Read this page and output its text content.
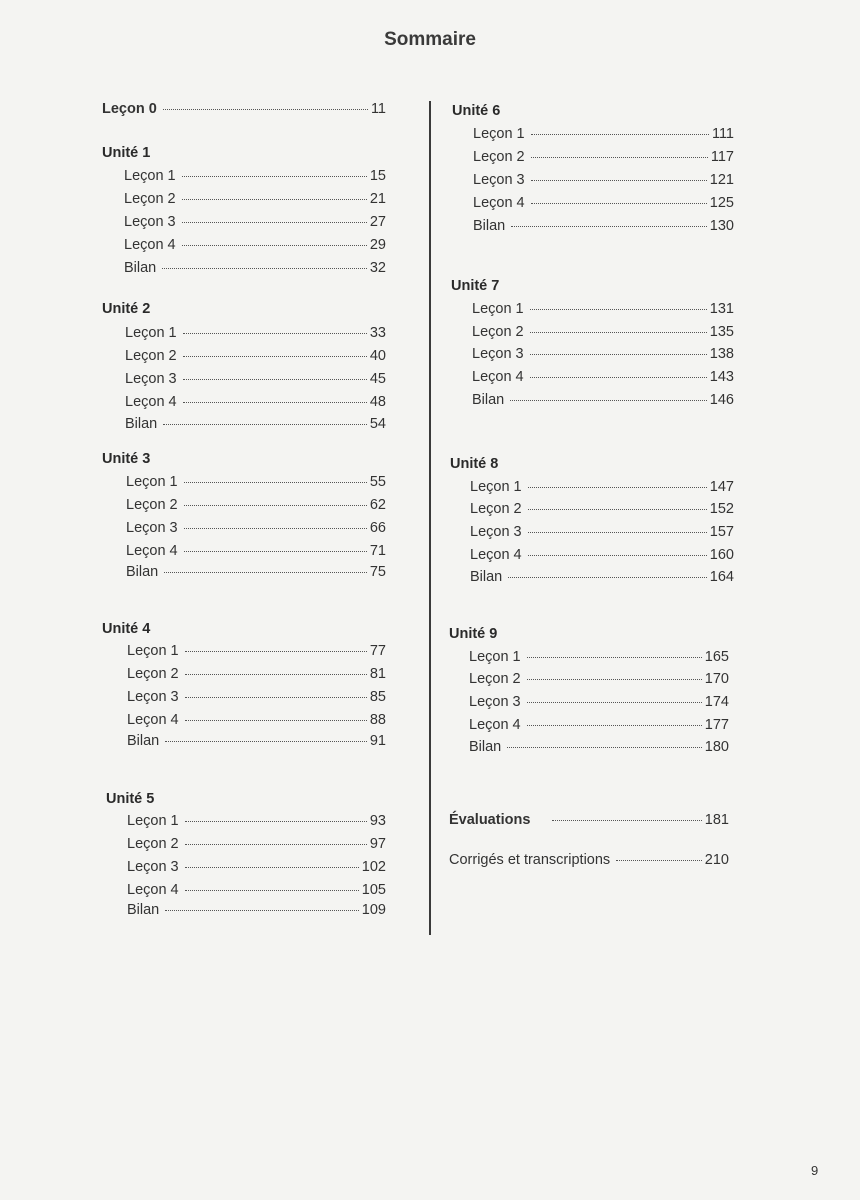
Sommaire
Leçon 0	11
Unité 1
Leçon 1	15
Leçon 2	21
Leçon 3	27
Leçon 4	29
Bilan	32
Unité 2
Leçon 1	33
Leçon 2	40
Leçon 3	45
Leçon 4	48
Bilan	54
Unité 3
Leçon 1	55
Leçon 2	62
Leçon 3	66
Leçon 4	71
Bilan	75
Unité 4
Leçon 1	77
Leçon 2	81
Leçon 3	85
Leçon 4	88
Bilan	91
Unité 5
Leçon 1	93
Leçon 2	97
Leçon 3	102
Leçon 4	105
Bilan	109
Unité 6
Leçon 1	111
Leçon 2	117
Leçon 3	121
Leçon 4	125
Bilan	130
Unité 7
Leçon 1	131
Leçon 2	135
Leçon 3	138
Leçon 4	143
Bilan	146
Unité 8
Leçon 1	147
Leçon 2	152
Leçon 3	157
Leçon 4	160
Bilan	164
Unité 9
Leçon 1	165
Leçon 2	170
Leçon 3	174
Leçon 4	177
Bilan	180
Évaluations	181
Corrigés et transcriptions	210
9
